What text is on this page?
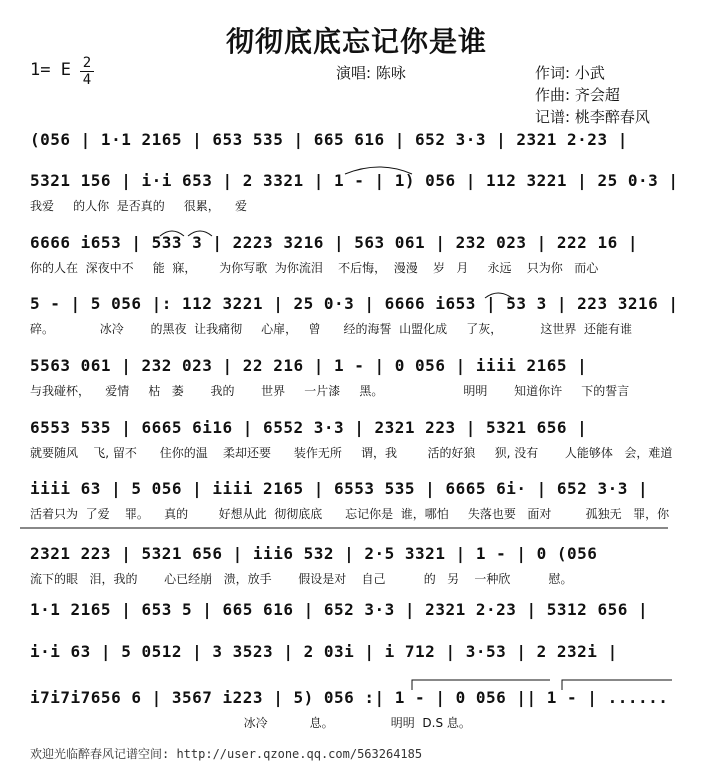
彻彻底底忘记你是谁
1= E 2
4	演唱: 陈咏	作词: 小武
作曲: 齐会超
记谱: 桃李醉春风
(056 | 1·1 2165 | 653 535 | 665 616 | 652 3·3 | 2321 2·23 |
5321 156 | i·i 653 | 2 3321 | 1 - | 1) 056 | 112 3221 | 25 0·3 |
我爱     的人你  是否真的     很累，    爱
6666 i653 | 533 3 | 2223 3216 | 563 061 | 232 023 | 222 16 |
你的人在  深夜中不     能  寐，      为你写歌  为你流泪    不后悔，  漫漫    岁   月     永远    只为你   而心
5 - | 5 056 |: 112 3221 | 25 0·3 | 6666 i653 | 53 3 | 223 3216 |
碎。            冰冷       的黑夜  让我痛彻     心扉，   曾      经的海誓  山盟化成     了灰，          这世界  还能有谁
5563 061 | 232 023 | 22 216 | 1 - | 0 056 | iiii 2165 |
与我碰杯，    爱情     枯   萎       我的       世界     一片漆     黑。                     明明       知道你许     下的誓言
6553 535 | 6665 6i16 | 6552 3·3 | 2321 223 | 5321 656 |
就要随风    飞, 留不      住你的温    柔却还要      装作无所     谓，我        活的好狼     狈, 没有       人能够体   会，难道
iiii 63 | 5 056 | iiii 2165 | 6553 535 | 6665 6i· | 652 3·3 |
活着只为  了爱    罪。    真的        好想从此  彻彻底底      忘记你是  谁，哪怕     失落也要   面对         孤独无   罪，你
2321 223 | 5321 656 | iii6 532 | 2·5 3321 | 1 - | 0 (056
流下的眼   泪，我的       心已经崩   溃，放手       假设是对    自己          的   另    一种欣          慰。
1·1 2165 | 653 5 | 665 616 | 652 3·3 | 2321 2·23 | 5312 656 |
i·i 63 | 5 0512 | 3 3523 | 2 03i | i 712 | 3·53 | 2 232i |
i7i7i7656 6 | 3567 i223 | 5) 056 :| 1 - | 0 056 || 1 - | ......
冰冷           息。               明明  D.S 息。
欢迎光临醉春风记谱空间: http://user.qzone.qq.com/563264185
